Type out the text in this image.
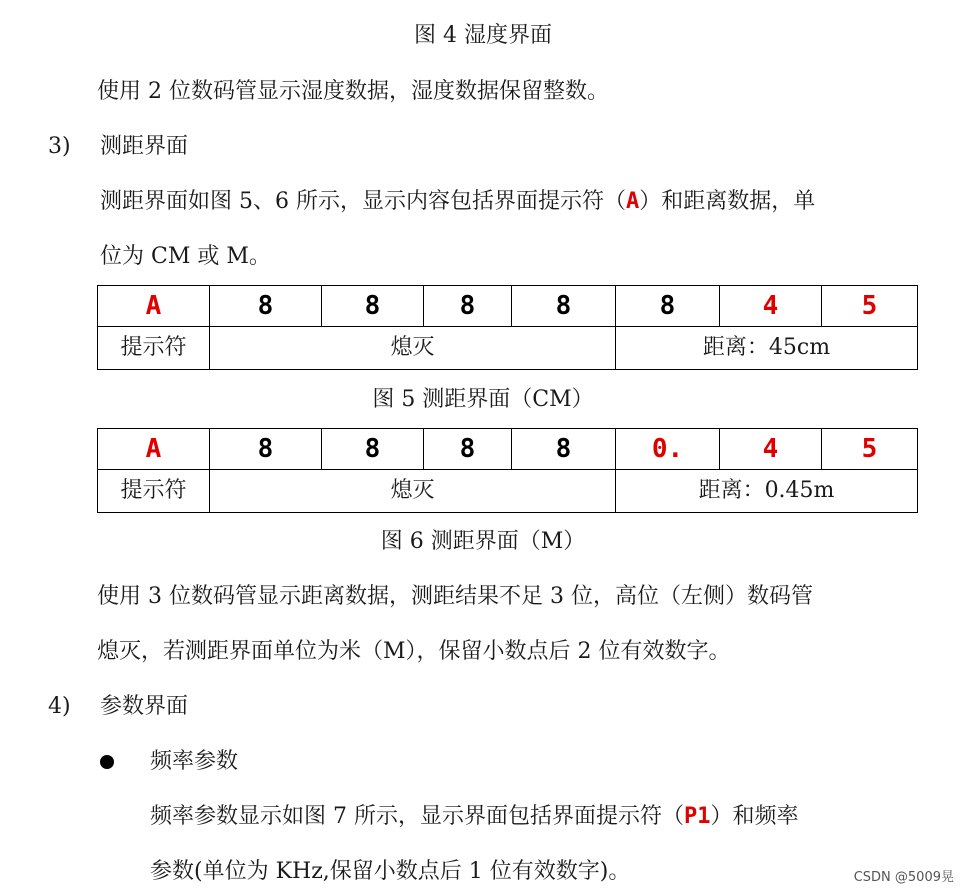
图 4 湿度界面
使用 2 位数码管显示湿度数据，湿度数据保留整数。
3) 测距界面
测距界面如图 5、6 所示，显示内容包括界面提示符（A）和距离数据，单
位为 CM 或 M。
A	8	8	8	8	8	4	5
提示符	熄灭				距离：45cm		
图 5 测距界面（CM）
A	8	8	8	8	0.	4	5
提示符	熄灭				距离：0.45m		
图 6 测距界面（M）
使用 3 位数码管显示距离数据，测距结果不足 3 位，高位（左侧）数码管
熄灭，若测距界面单位为米（M），保留小数点后 2 位有效数字。
4) 参数界面
频率参数
频率参数显示如图 7 所示，显示界面包括界面提示符（P1）和频率
参数(单位为 KHz,保留小数点后 1 位有效数字)。	CSDN @5009晃
